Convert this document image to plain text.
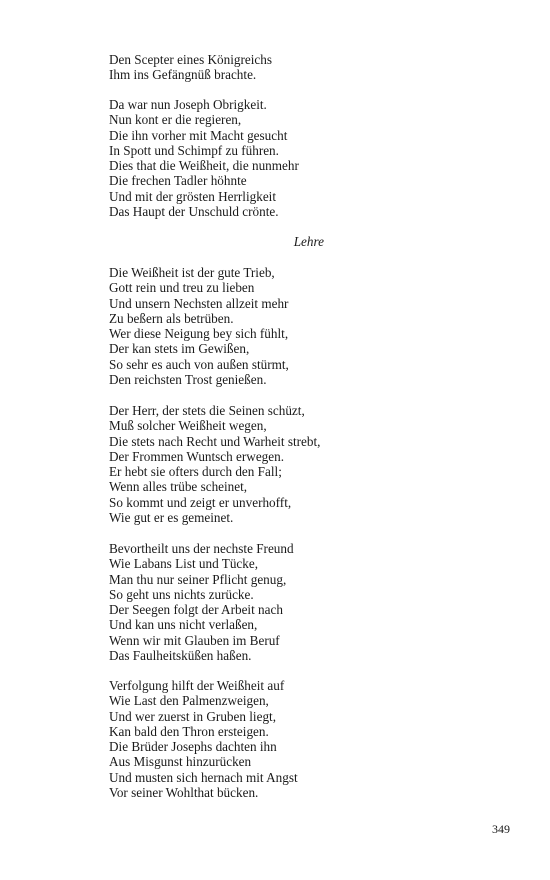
Den Scepter eines Königreichs
Ihm ins Gefängnüß brachte.
Da war nun Joseph Obrigkeit.
Nun kont er die regieren,
Die ihn vorher mit Macht gesucht
In Spott und Schimpf zu führen.
Dies that die Weißheit, die nunmehr
Die frechen Tadler höhnte
Und mit der grösten Herrligkeit
Das Haupt der Unschuld crönte.
Lehre
Die Weißheit ist der gute Trieb,
Gott rein und treu zu lieben
Und unsern Nechsten allzeit mehr
Zu beßern als betrüben.
Wer diese Neigung bey sich fühlt,
Der kan stets im Gewißen,
So sehr es auch von außen stürmt,
Den reichsten Trost genießen.
Der Herr, der stets die Seinen schüzt,
Muß solcher Weißheit wegen,
Die stets nach Recht und Warheit strebt,
Der Frommen Wuntsch erwegen.
Er hebt sie ofters durch den Fall;
Wenn alles trübe scheinet,
So kommt und zeigt er unverhofft,
Wie gut er es gemeinet.
Bevortheilt uns der nechste Freund
Wie Labans List und Tücke,
Man thu nur seiner Pflicht genug,
So geht uns nichts zurücke.
Der Seegen folgt der Arbeit nach
Und kan uns nicht verlaßen,
Wenn wir mit Glauben im Beruf
Das Faulheitsküßen haßen.
Verfolgung hilft der Weißheit auf
Wie Last den Palmenzweigen,
Und wer zuerst in Gruben liegt,
Kan bald den Thron ersteigen.
Die Brüder Josephs dachten ihn
Aus Misgunst hinzurücken
Und musten sich hernach mit Angst
Vor seiner Wohlthat bücken.
349
